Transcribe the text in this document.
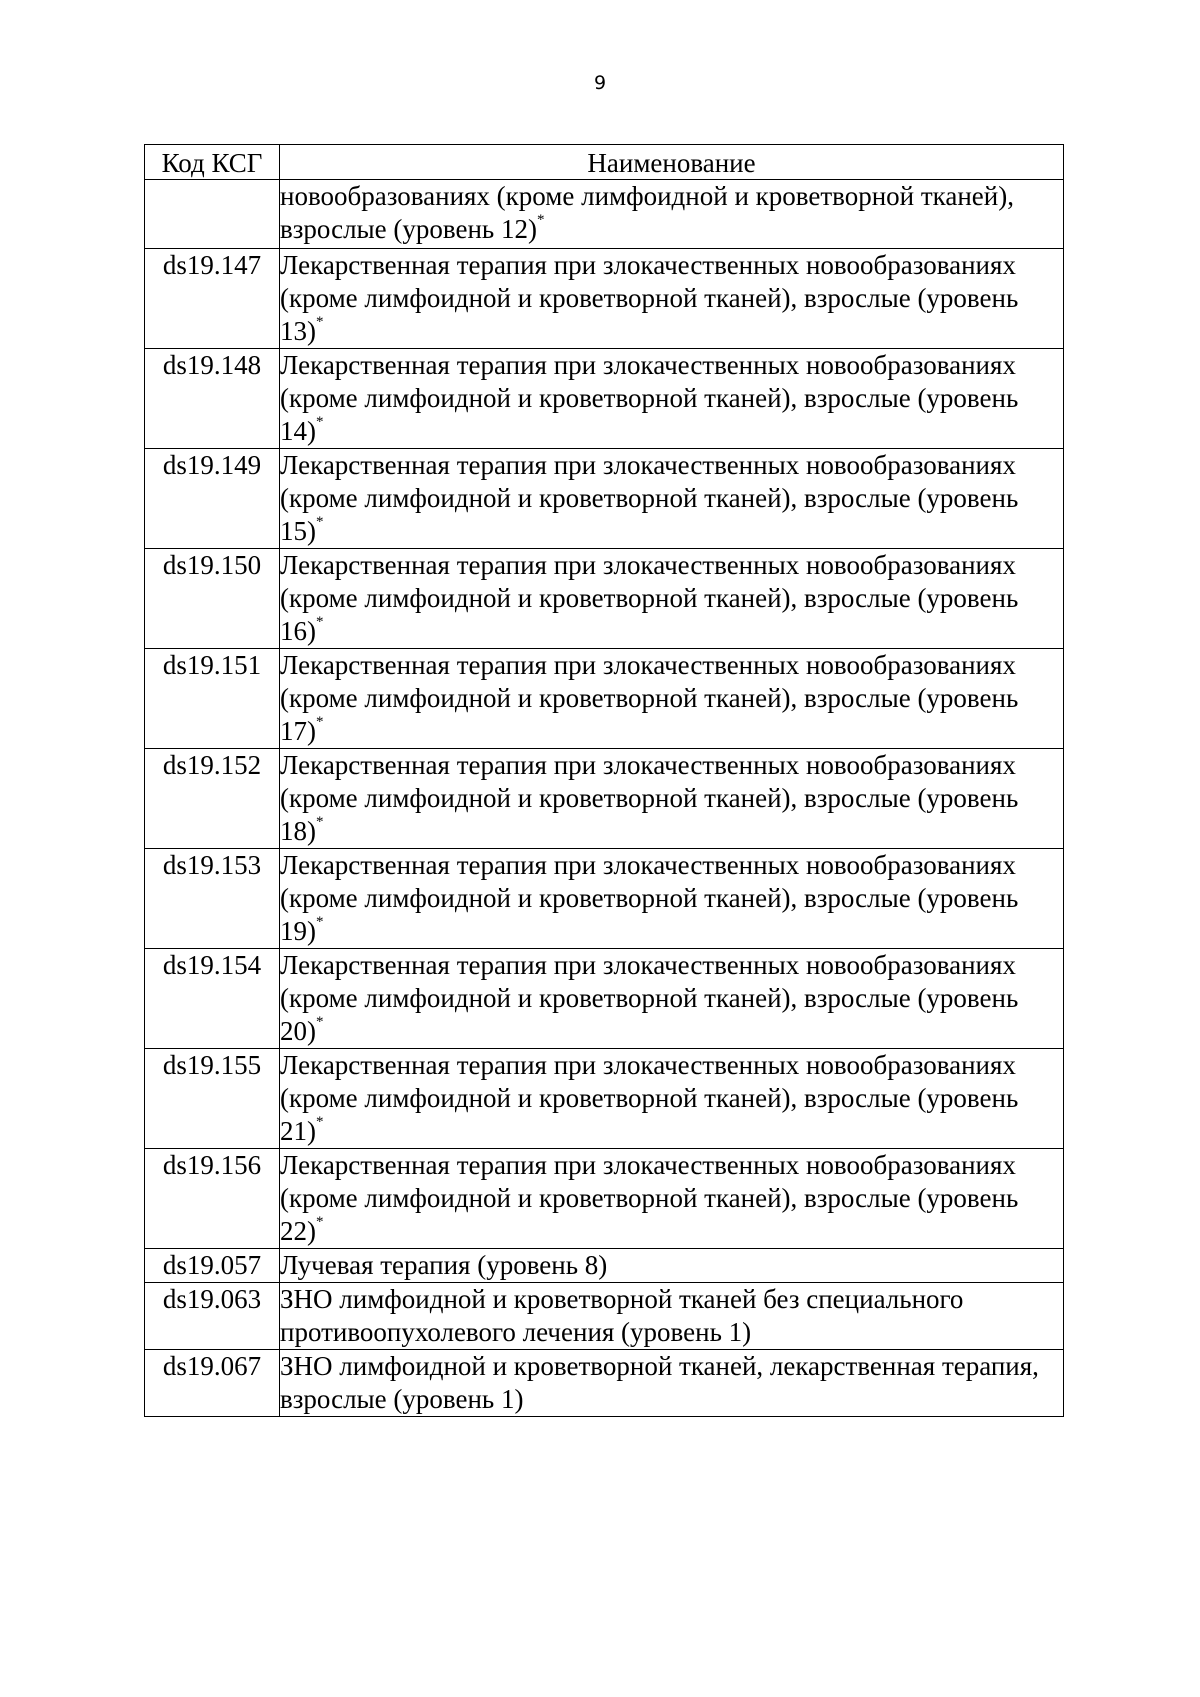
9
Код КСГ	Наименование
	новообразованиях (кроме лимфоидной и кроветворной тканей), взрослые (уровень 12)*
ds19.147	Лекарственная терапия при злокачественных новообразованиях (кроме лимфоидной и кроветворной тканей), взрослые (уровень 13)*
ds19.148	Лекарственная терапия при злокачественных новообразованиях (кроме лимфоидной и кроветворной тканей), взрослые (уровень 14)*
ds19.149	Лекарственная терапия при злокачественных новообразованиях (кроме лимфоидной и кроветворной тканей), взрослые (уровень 15)*
ds19.150	Лекарственная терапия при злокачественных новообразованиях (кроме лимфоидной и кроветворной тканей), взрослые (уровень 16)*
ds19.151	Лекарственная терапия при злокачественных новообразованиях (кроме лимфоидной и кроветворной тканей), взрослые (уровень 17)*
ds19.152	Лекарственная терапия при злокачественных новообразованиях (кроме лимфоидной и кроветворной тканей), взрослые (уровень 18)*
ds19.153	Лекарственная терапия при злокачественных новообразованиях (кроме лимфоидной и кроветворной тканей), взрослые (уровень 19)*
ds19.154	Лекарственная терапия при злокачественных новообразованиях (кроме лимфоидной и кроветворной тканей), взрослые (уровень 20)*
ds19.155	Лекарственная терапия при злокачественных новообразованиях (кроме лимфоидной и кроветворной тканей), взрослые (уровень 21)*
ds19.156	Лекарственная терапия при злокачественных новообразованиях (кроме лимфоидной и кроветворной тканей), взрослые (уровень 22)*
ds19.057	Лучевая терапия (уровень 8)
ds19.063	ЗНО лимфоидной и кроветворной тканей без специального противоопухолевого лечения (уровень 1)
ds19.067	ЗНО лимфоидной и кроветворной тканей, лекарственная терапия, взрослые (уровень 1)
